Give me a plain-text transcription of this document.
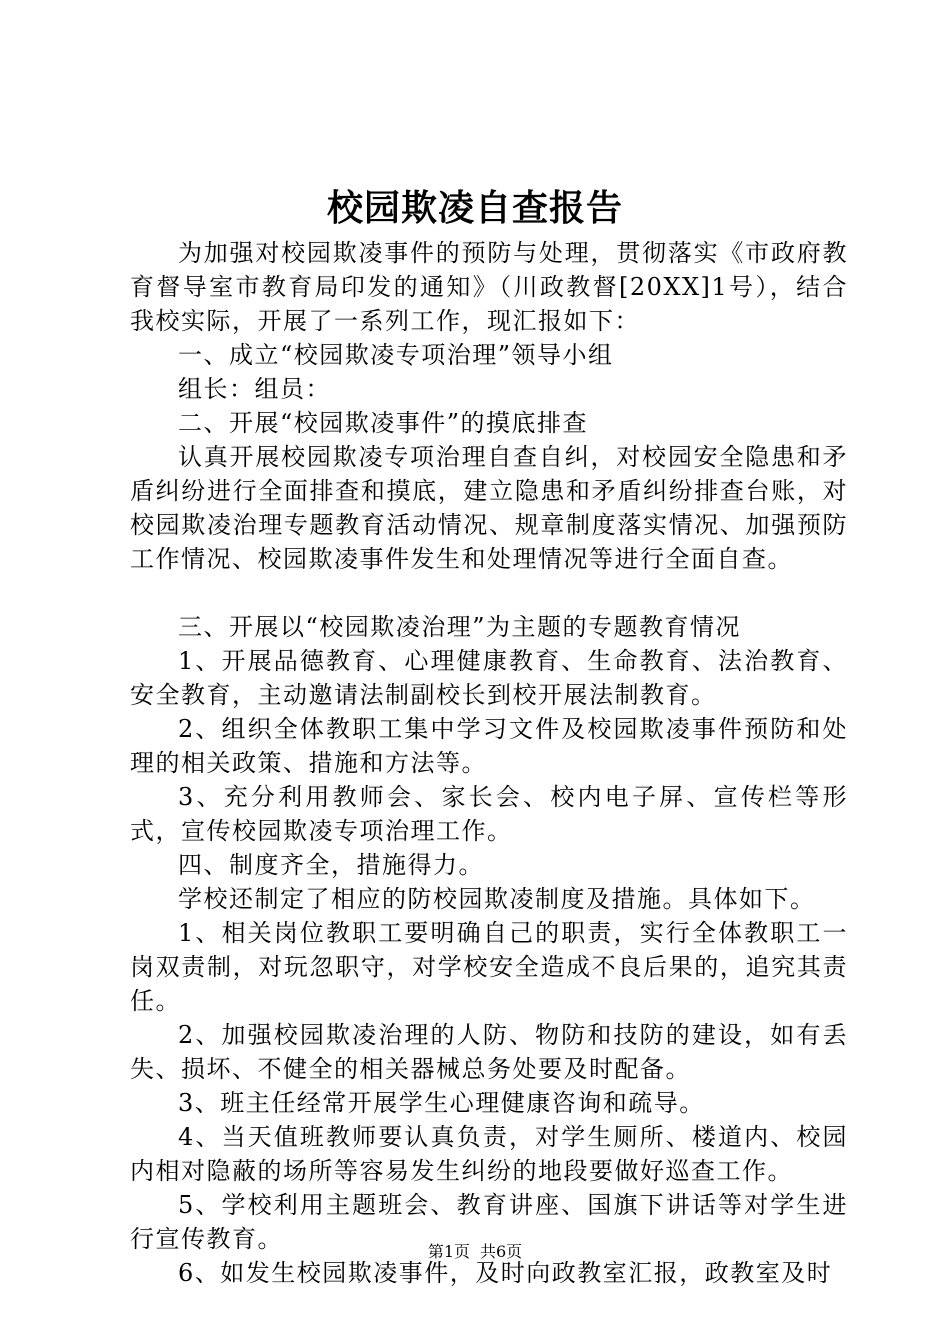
校园欺凌自查报告

为加强对校园欺凌事件的预防与处理，贯彻落实《市政府教育督导室市教育局印发的通知》（川政教督[20XX]1号），结合我校实际，开展了一系列工作，现汇报如下：

一、成立“校园欺凌专项治理”领导小组

组长：组员：

二、开展“校园欺凌事件”的摸底排查

认真开展校园欺凌专项治理自查自纠，对校园安全隐患和矛盾纠纷进行全面排查和摸底，建立隐患和矛盾纠纷排查台账，对校园欺凌治理专题教育活动情况、规章制度落实情况、加强预防工作情况、校园欺凌事件发生和处理情况等进行全面自查。

三、开展以“校园欺凌治理”为主题的专题教育情况

1、开展品德教育、心理健康教育、生命教育、法治教育、安全教育，主动邀请法制副校长到校开展法制教育。

2、组织全体教职工集中学习文件及校园欺凌事件预防和处理的相关政策、措施和方法等。

3、充分利用教师会、家长会、校内电子屏、宣传栏等形式，宣传校园欺凌专项治理工作。

四、制度齐全，措施得力。

学校还制定了相应的防校园欺凌制度及措施。具体如下。

1、相关岗位教职工要明确自己的职责，实行全体教职工一岗双责制，对玩忽职守，对学校安全造成不良后果的，追究其责任。

2、加强校园欺凌治理的人防、物防和技防的建设，如有丢失、损坏、不健全的相关器械总务处要及时配备。

3、班主任经常开展学生心理健康咨询和疏导。

4、当天值班教师要认真负责，对学生厕所、楼道内、校园内相对隐蔽的场所等容易发生纠纷的地段要做好巡查工作。

5、学校利用主题班会、教育讲座、国旗下讲话等对学生进行宣传教育。

6、如发生校园欺凌事件，及时向政教室汇报，政教室及时

第1页 共6页
